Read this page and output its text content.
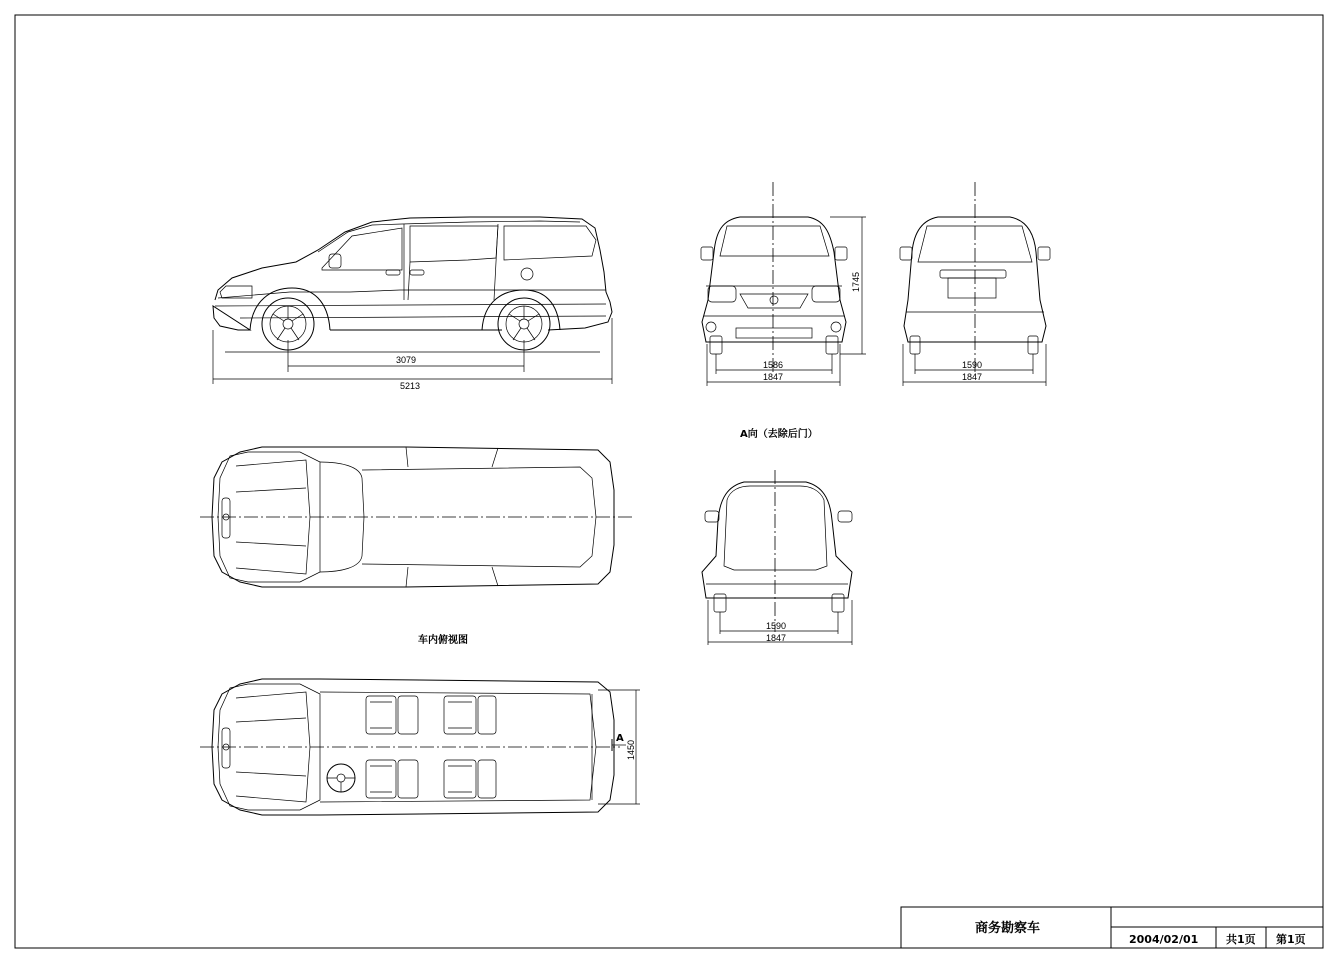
3079
5213
1586
1847
1745
1590
1847
A向（去除后门）
1590
1847
车内俯视图
1450
A
商务勘察车
2004/02/01	共1页 第1页
